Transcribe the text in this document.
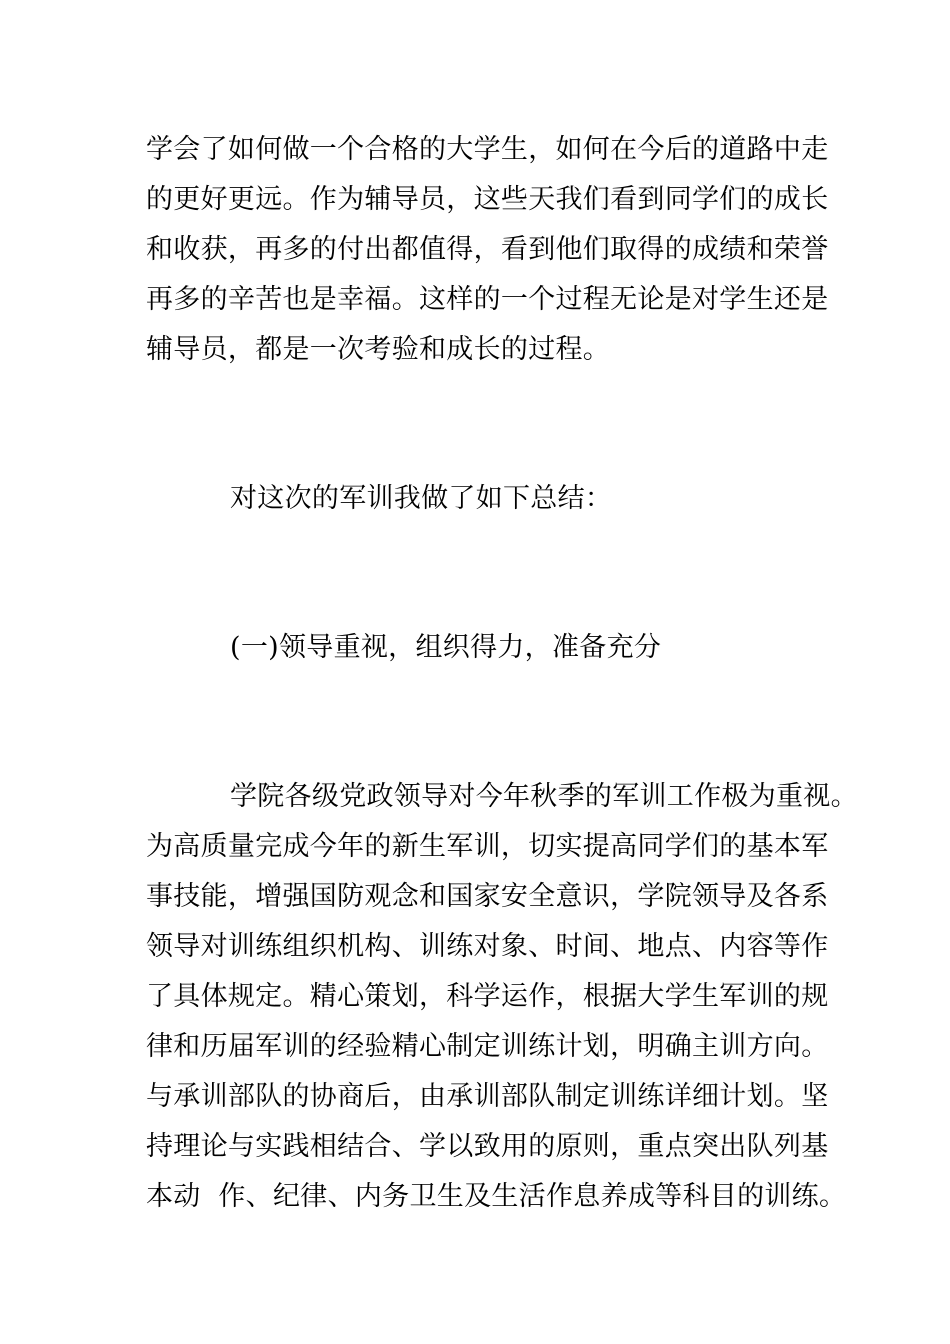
学会了如何做一个合格的大学生，如何在今后的道路中走
的更好更远。作为辅导员，这些天我们看到同学们的成长
和收获，再多的付出都值得，看到他们取得的成绩和荣誉
再多的辛苦也是幸福。这样的一个过程无论是对学生还是
辅导员，都是一次考验和成长的过程。
对这次的军训我做了如下总结：
(一)领导重视，组织得力，准备充分
学院各级党政领导对今年秋季的军训工作极为重视。
为高质量完成今年的新生军训，切实提高同学们的基本军
事技能，增强国防观念和国家安全意识，学院领导及各系
领导对训练组织机构、训练对象、时间、地点、内容等作
了具体规定。精心策划，科学运作，根据大学生军训的规
律和历届军训的经验精心制定训练计划，明确主训方向。
与承训部队的协商后，由承训部队制定训练详细计划。坚
持理论与实践相结合、学以致用的原则，重点突出队列基
本动  作、纪律、内务卫生及生活作息养成等科目的训练。
